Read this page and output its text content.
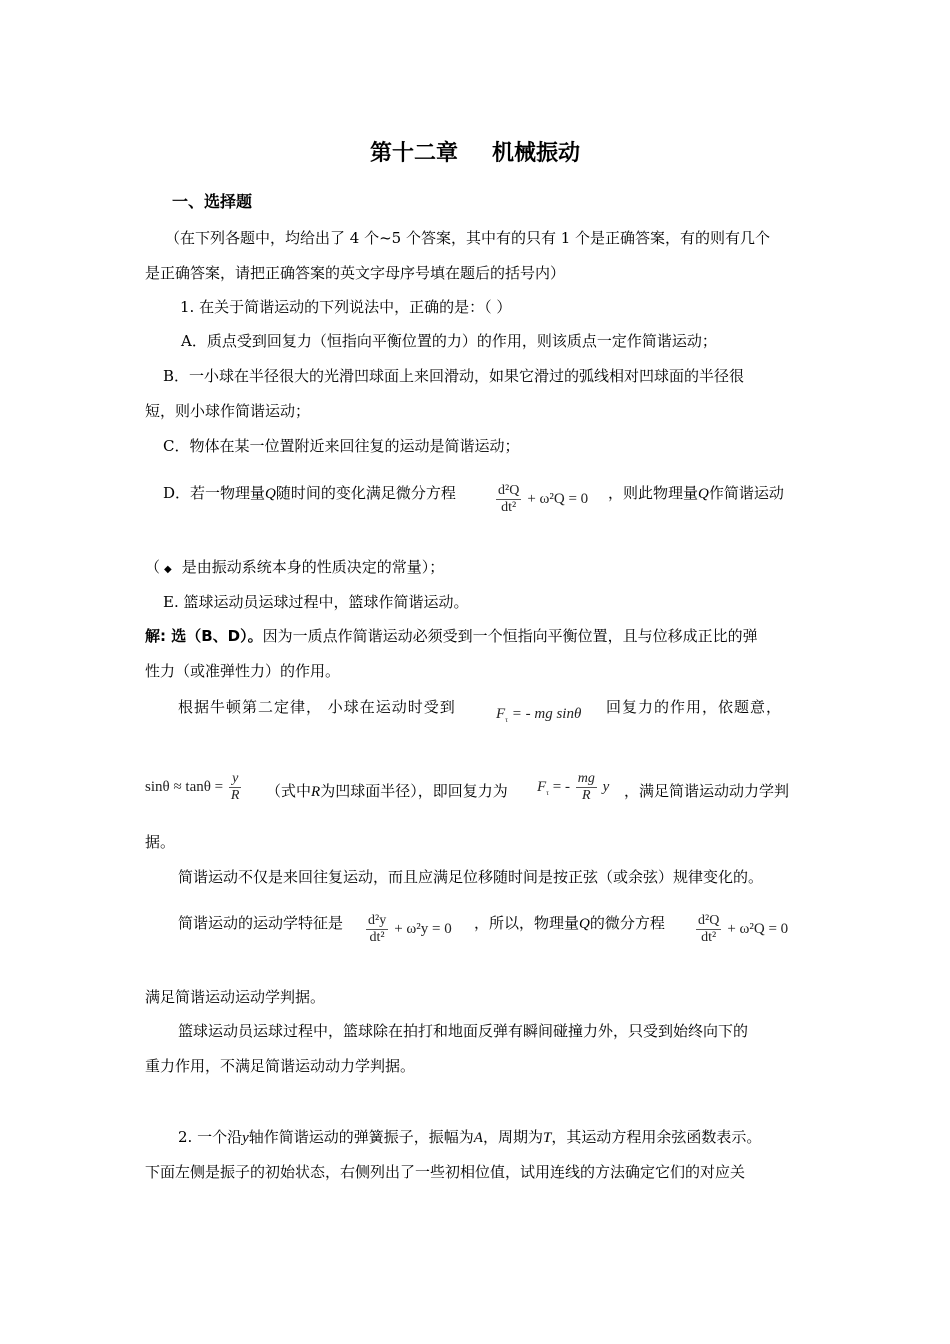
第十二章 机械振动
一、选择题
（在下列各题中，均给出了 4 个~5 个答案，其中有的只有 1 个是正确答案，有的则有几个
是正确答案，请把正确答案的英文字母序号填在题后的括号内）
1. 在关于简谐运动的下列说法中，正确的是：（ ）
A．质点受到回复力（恒指向平衡位置的力）的作用，则该质点一定作简谐运动；
B．一小球在半径很大的光滑凹球面上来回滑动，如果它滑过的弧线相对凹球面的半径很
短，则小球作简谐运动；
C．物体在某一位置附近来回往复的运动是简谐运动；
D．若一物理量Q随时间的变化满足微分方程	$\frac{\text{d²Q}}{\text{dt²}} + \omega^2Q = 0$ ，则此物理量Q作简谐运动
（ ◆ 是由振动系统本身的性质决定的常量）；
E. 篮球运动员运球过程中，篮球作简谐运动。
解: 选（B、D）。因为一质点作简谐运动必须受到一个恒指向平衡位置，且与位移成正比的弹
性力（或准弹性力）的作用。
根据牛顿第二定律， 小球在运动时受到	$F_\tau$ = - mg sinθ 回复力的作用，依题意，
$\sin\theta \approx \tan\theta = \frac{y}{R}$ （式中R为凹球面半径），即回复力为 $F_\tau$ = - $\frac{mg}{R}$ y ，满足简谐运动动力学判
据。
简谐运动不仅是来回往复运动，而且应满足位移随时间是按正弦（或余弦）规律变化的。
简谐运动的运动学特征是 $\frac{\text{d²y}}{\text{dt²}} + \omega^2y = 0$ ，所以，物理量Q的微分方程 $\frac{\text{d²Q}}{\text{dt²}} + \omega^2Q = 0$
满足简谐运动运动学判据。
篮球运动员运球过程中，篮球除在拍打和地面反弹有瞬间碰撞力外，只受到始终向下的
重力作用，不满足简谐运动动力学判据。
2. 一个沿y轴作简谐运动的弹簧振子，振幅为A，周期为T，其运动方程用余弦函数表示。
下面左侧是振子的初始状态，右侧列出了一些初相位值，试用连线的方法确定它们的对应关
